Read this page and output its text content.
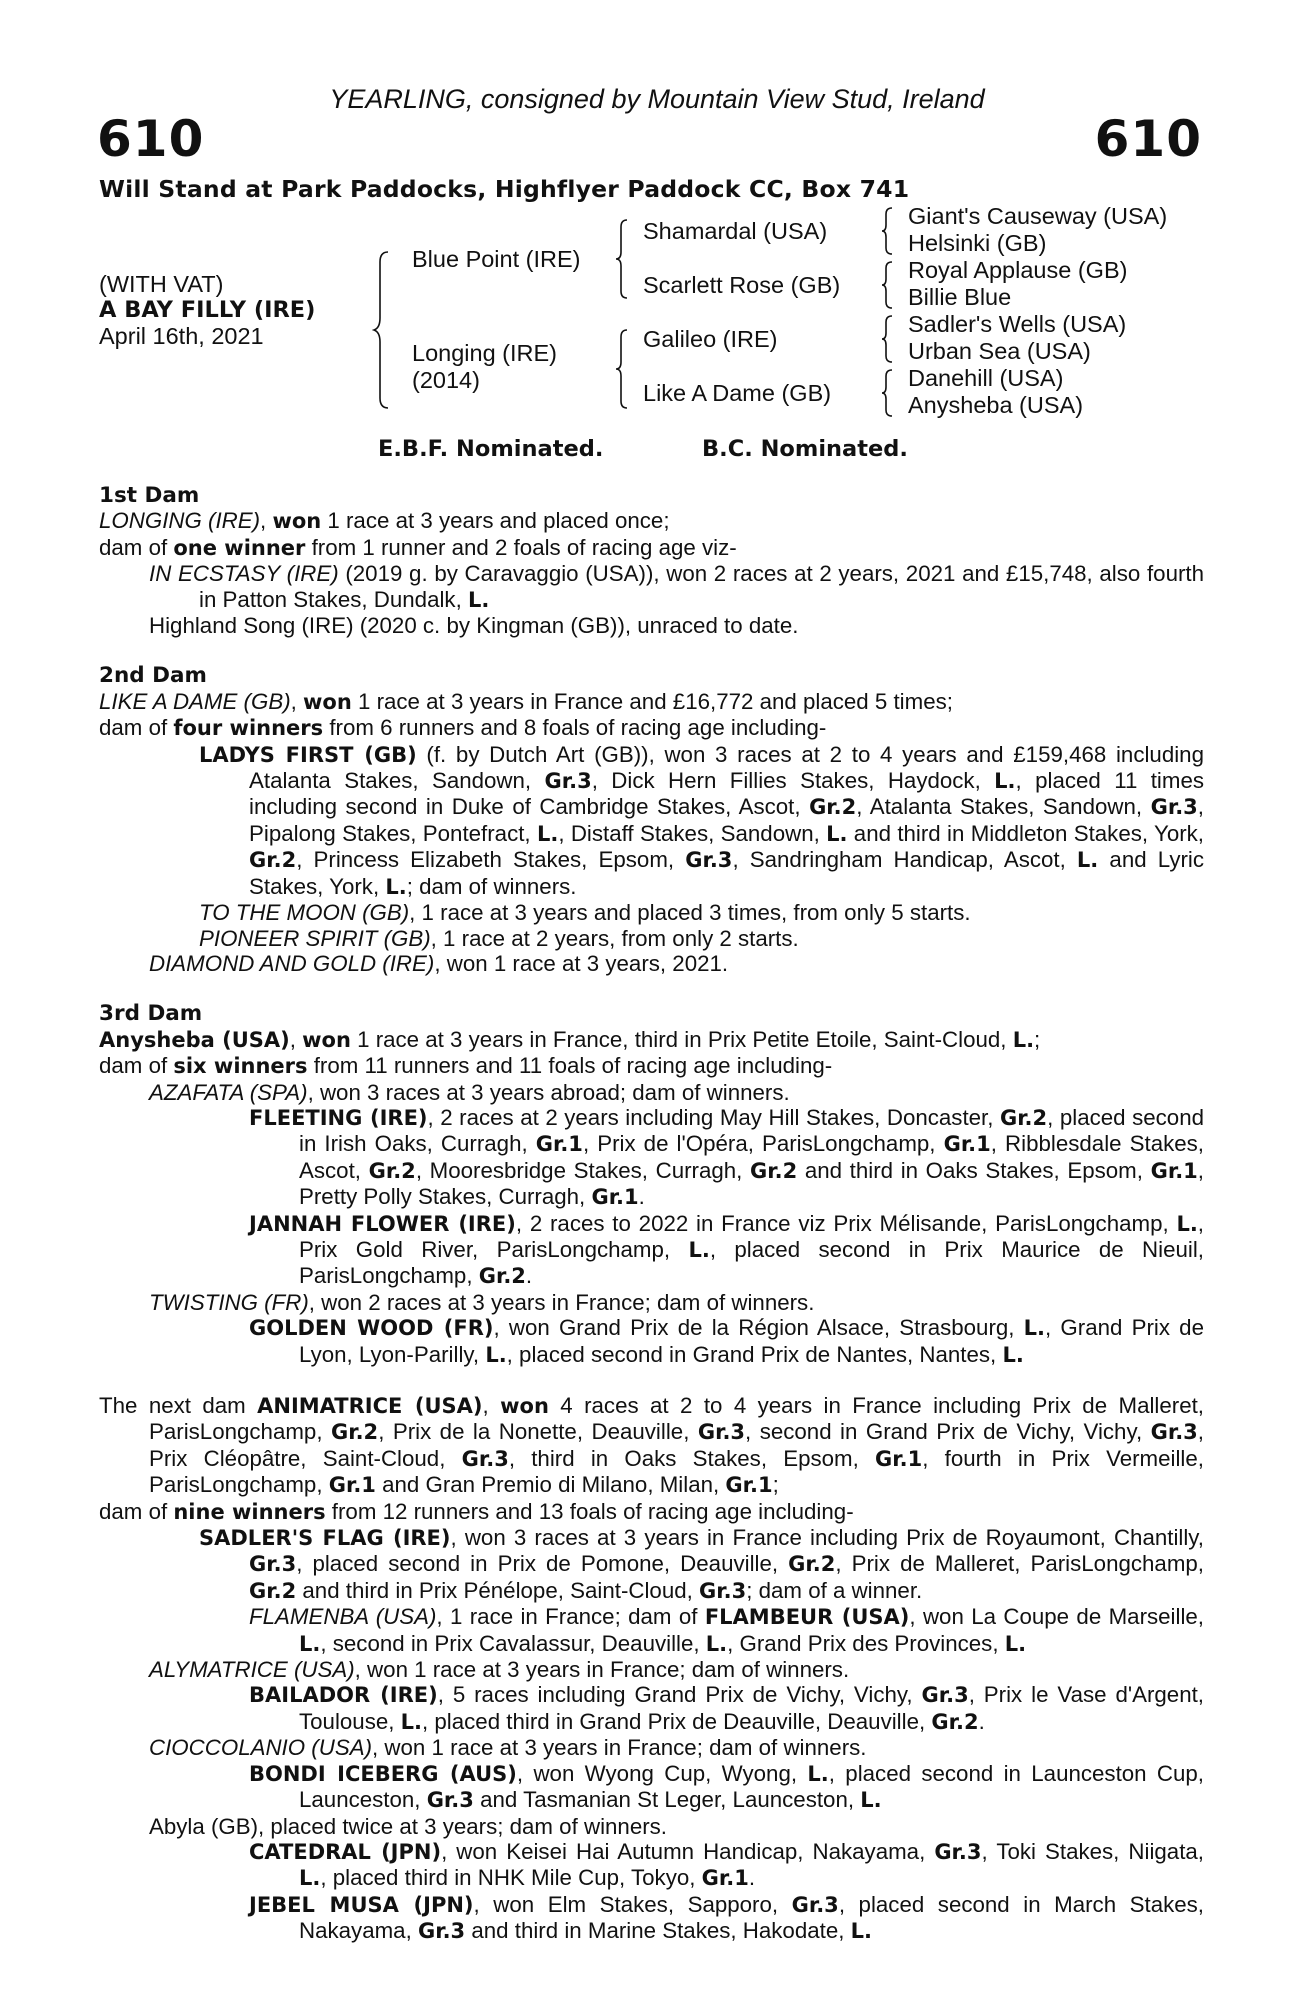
YEARLING, consigned by Mountain View Stud, Ireland
610	610
Will Stand at Park Paddocks, Highflyer Paddock CC, Box 741
(WITH VAT)
A BAY FILLY (IRE)
April 16th, 2021
Blue Point (IRE)
Longing (IRE)
(2014)
Shamardal (USA)
Scarlett Rose (GB)
Galileo (IRE)
Like A Dame (GB)
Giant's Causeway (USA)
Helsinki (GB)
Royal Applause (GB)
Billie Blue
Sadler's Wells (USA)
Urban Sea (USA)
Danehill (USA)
Anysheba (USA)
E.B.F. Nominated.	B.C. Nominated.
1st Dam
LONGING (IRE), won 1 race at 3 years and placed once;
dam of one winner from 1 runner and 2 foals of racing age viz-
IN ECSTASY (IRE) (2019 g. by Caravaggio (USA)), won 2 races at 2 years, 2021 and £15,748, also fourth in Patton Stakes, Dundalk, L.
Highland Song (IRE) (2020 c. by Kingman (GB)), unraced to date.
2nd Dam
LIKE A DAME (GB), won 1 race at 3 years in France and £16,772 and placed 5 times;
dam of four winners from 6 runners and 8 foals of racing age including-
LADYS FIRST (GB) (f. by Dutch Art (GB)), won 3 races at 2 to 4 years and £159,468 including Atalanta Stakes, Sandown, Gr.3, Dick Hern Fillies Stakes, Haydock, L., placed 11 times including second in Duke of Cambridge Stakes, Ascot, Gr.2, Atalanta Stakes, Sandown, Gr.3, Pipalong Stakes, Pontefract, L., Distaff Stakes, Sandown, L. and third in Middleton Stakes, York, Gr.2, Princess Elizabeth Stakes, Epsom, Gr.3, Sandringham Handicap, Ascot, L. and Lyric Stakes, York, L.; dam of winners.
TO THE MOON (GB), 1 race at 3 years and placed 3 times, from only 5 starts.
PIONEER SPIRIT (GB), 1 race at 2 years, from only 2 starts.
DIAMOND AND GOLD (IRE), won 1 race at 3 years, 2021.
3rd Dam
Anysheba (USA), won 1 race at 3 years in France, third in Prix Petite Etoile, Saint-Cloud, L.;
dam of six winners from 11 runners and 11 foals of racing age including-
AZAFATA (SPA), won 3 races at 3 years abroad; dam of winners.
FLEETING (IRE), 2 races at 2 years including May Hill Stakes, Doncaster, Gr.2, placed second in Irish Oaks, Curragh, Gr.1, Prix de l'Opéra, ParisLongchamp, Gr.1, Ribblesdale Stakes, Ascot, Gr.2, Mooresbridge Stakes, Curragh, Gr.2 and third in Oaks Stakes, Epsom, Gr.1, Pretty Polly Stakes, Curragh, Gr.1.
JANNAH FLOWER (IRE), 2 races to 2022 in France viz Prix Mélisande, ParisLongchamp, L., Prix Gold River, ParisLongchamp, L., placed second in Prix Maurice de Nieuil, ParisLongchamp, Gr.2.
TWISTING (FR), won 2 races at 3 years in France; dam of winners.
GOLDEN WOOD (FR), won Grand Prix de la Région Alsace, Strasbourg, L., Grand Prix de Lyon, Lyon-Parilly, L., placed second in Grand Prix de Nantes, Nantes, L.
The next dam ANIMATRICE (USA), won 4 races at 2 to 4 years in France including Prix de Malleret, ParisLongchamp, Gr.2, Prix de la Nonette, Deauville, Gr.3, second in Grand Prix de Vichy, Vichy, Gr.3, Prix Cléopâtre, Saint-Cloud, Gr.3, third in Oaks Stakes, Epsom, Gr.1, fourth in Prix Vermeille, ParisLongchamp, Gr.1 and Gran Premio di Milano, Milan, Gr.1;
dam of nine winners from 12 runners and 13 foals of racing age including-
SADLER'S FLAG (IRE), won 3 races at 3 years in France including Prix de Royaumont, Chantilly, Gr.3, placed second in Prix de Pomone, Deauville, Gr.2, Prix de Malleret, ParisLongchamp, Gr.2 and third in Prix Pénélope, Saint-Cloud, Gr.3; dam of a winner.
FLAMENBA (USA), 1 race in France; dam of FLAMBEUR (USA), won La Coupe de Marseille, L., second in Prix Cavalassur, Deauville, L., Grand Prix des Provinces, L.
ALYMATRICE (USA), won 1 race at 3 years in France; dam of winners.
BAILADOR (IRE), 5 races including Grand Prix de Vichy, Vichy, Gr.3, Prix le Vase d'Argent, Toulouse, L., placed third in Grand Prix de Deauville, Deauville, Gr.2.
CIOCCOLANIO (USA), won 1 race at 3 years in France; dam of winners.
BONDI ICEBERG (AUS), won Wyong Cup, Wyong, L., placed second in Launceston Cup, Launceston, Gr.3 and Tasmanian St Leger, Launceston, L.
Abyla (GB), placed twice at 3 years; dam of winners.
CATEDRAL (JPN), won Keisei Hai Autumn Handicap, Nakayama, Gr.3, Toki Stakes, Niigata, L., placed third in NHK Mile Cup, Tokyo, Gr.1.
JEBEL MUSA (JPN), won Elm Stakes, Sapporo, Gr.3, placed second in March Stakes, Nakayama, Gr.3 and third in Marine Stakes, Hakodate, L.
